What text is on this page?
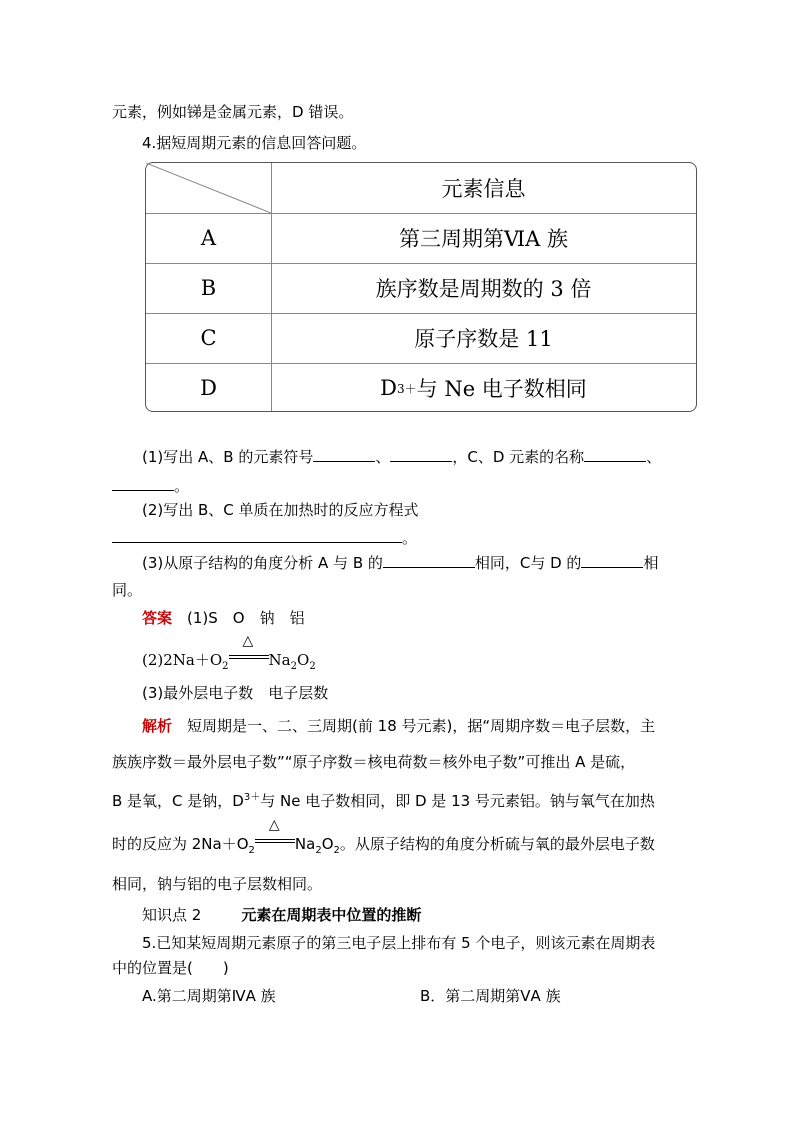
元素，例如锑是金属元素，D 错误。
4.据短周期元素的信息回答问题。
元素信息
A	第三周期第ⅥA 族
B	族序数是周期数的 3 倍
C	原子序数是 11
D	D 3＋ 与 Ne 电子数相同
(1)写出 A、B 的元素符号	、	，C、D 元素的名称	、
。
(2)写出 B、C 单质在加热时的反应方程式
。
(3)从原子结构的角度分析 A 与 B 的	相同，C与 D 的	相
同。
答案　 (1)S　O　钠　铝
$(2)2Na+O_2$
△
$Na_2O_2$
(3)最外层电子数　电子层数
解析　 短周期是一、二、三周期(前 18 号元素)，据“周期序数＝电子层数，主
族族序数＝最外层电子数”“原子序数＝核电荷数＝核外电子数”可推出 A 是硫，
B 是氧，C 是钠，$D^{3+}$与 Ne 电子数相同，即 D 是 13 号元素铝。钠与氧气在加热
时的反应为 $2Na+O_2$
△
$Na_2O_2$。从原子结构的角度分析硫与氧的最外层电子数
相同，钠与铝的电子层数相同。
知识点 2	元素在周期表中位置的推断
5.已知某短周期元素原子的第三电子层上排布有 5 个电子，则该元素在周期表
中的位置是(　　)
A.第二周期第ⅣA 族	B．第二周期第ⅤA 族
